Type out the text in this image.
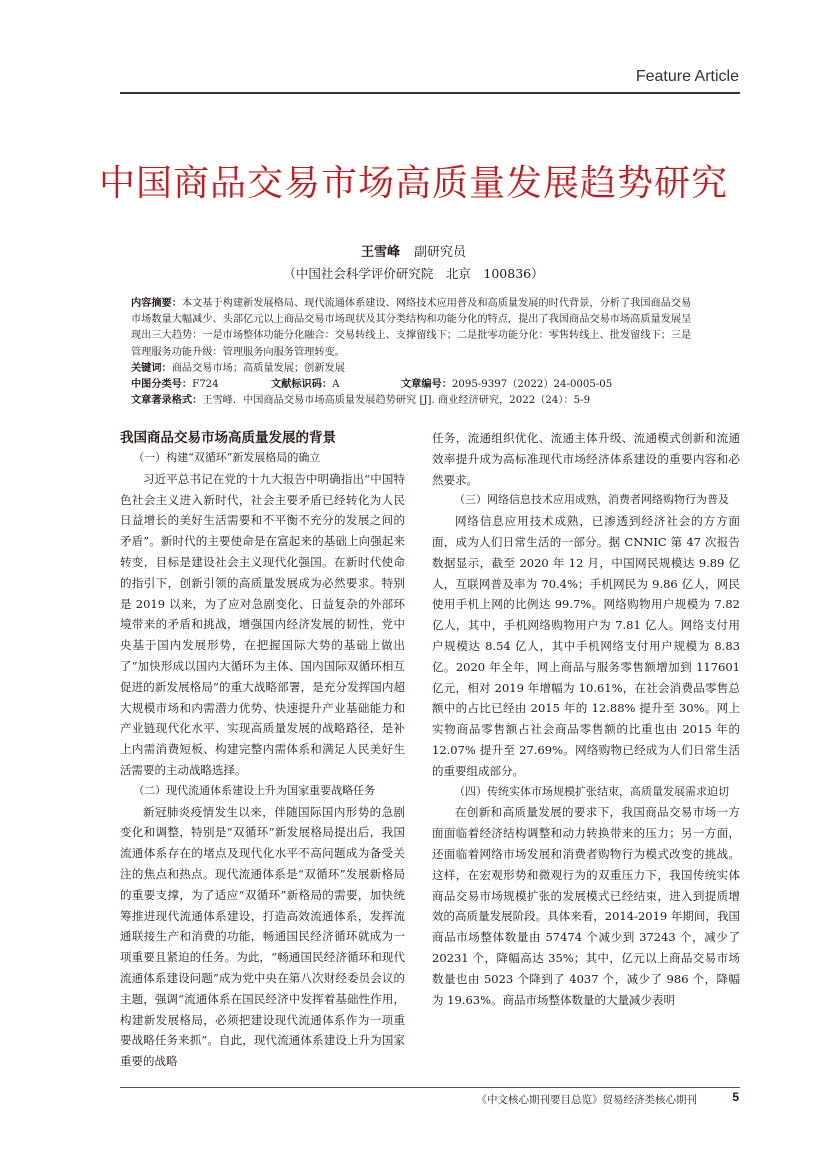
Feature Article
中国商品交易市场高质量发展趋势研究
王雪峰 副研究员
（中国社会科学评价研究院　北京　100836）

内容摘要：本文基于构建新发展格局、现代流通体系建设、网络技术应用普及和高质量发展的时代背景，分析了我国商品交易市场数量大幅减少、头部亿元以上商品交易市场现状及其分类结构和功能分化的特点，提出了我国商品交易市场高质量发展呈现出三大趋势：一是市场整体功能分化融合：交易转线上、支撑留线下；二是批零功能分化：零售转线上、批发留线下；三是管理服务功能升级：管理服务向服务管理转变。

关键词：商品交易市场；高质量发展；创新发展

中图分类号：F724	文献标识码：A	文章编号：2095-9397（2022）24-0005-05

文章著录格式：王雪峰．中国商品交易市场高质量发展趋势研究 [J]. 商业经济研究，2022（24）：5-9

我国商品交易市场高质量发展的背景

（一）构建“双循环”新发展格局的确立

习近平总书记在党的十九大报告中明确指出“中国特色社会主义进入新时代，社会主要矛盾已经转化为人民日益增长的美好生活需要和不平衡不充分的发展之间的矛盾”。新时代的主要使命是在富起来的基础上向强起来转变，目标是建设社会主义现代化强国。在新时代使命的指引下，创新引领的高质量发展成为必然要求。特别是 2019 以来，为了应对急剧变化、日益复杂的外部环境带来的矛盾和挑战，增强国内经济发展的韧性，党中央基于国内发展形势，在把握国际大势的基础上做出了“加快形成以国内大循环为主体、国内国际双循环相互促进的新发展格局”的重大战略部署，是充分发挥国内超大规模市场和内需潜力优势、快速提升产业基础能力和产业链现代化水平、实现高质量发展的战略路径，是补上内需消费短板、构建完整内需体系和满足人民美好生活需要的主动战略选择。

（二）现代流通体系建设上升为国家重要战略任务

新冠肺炎疫情发生以来，伴随国际国内形势的急剧变化和调整，特别是“双循环”新发展格局提出后，我国流通体系存在的堵点及现代化水平不高问题成为备受关注的焦点和热点。现代流通体系是“双循环”发展新格局的重要支撑，为了适应“双循环”新格局的需要，加快统筹推进现代流通体系建设，打造高效流通体系，发挥流通联接生产和消费的功能，畅通国民经济循环就成为一项重要且紧迫的任务。为此，“畅通国民经济循环和现代流通体系建设问题”成为党中央在第八次财经委员会议的主题，强调“流通体系在国民经济中发挥着基础性作用，构建新发展格局，必须把建设现代流通体系作为一项重要战略任务来抓”。自此，现代流通体系建设上升为国家重要的战略

任务，流通组织优化、流通主体升级、流通模式创新和流通效率提升成为高标准现代市场经济体系建设的重要内容和必然要求。

（三）网络信息技术应用成熟，消费者网络购物行为普及

网络信息应用技术成熟，已渗透到经济社会的方方面面，成为人们日常生活的一部分。据 CNNIC 第 47 次报告数据显示，截至 2020 年 12 月，中国网民规模达 9.89 亿人，互联网普及率为 70.4%；手机网民为 9.86 亿人，网民使用手机上网的比例达 99.7%。网络购物用户规模为 7.82 亿人，其中，手机网络购物用户为 7.81 亿人。网络支付用户规模达 8.54 亿人，其中手机网络支付用户规模为 8.83 亿。2020 年全年，网上商品与服务零售额增加到 117601 亿元，相对 2019 年增幅为 10.61%，在社会消费品零售总额中的占比已经由 2015 年的 12.88% 提升至 30%。网上实物商品零售额占社会商品零售额的比重也由 2015 年的 12.07% 提升至 27.69%。网络购物已经成为人们日常生活的重要组成部分。

（四）传统实体市场规模扩张结束，高质量发展需求迫切

在创新和高质量发展的要求下，我国商品交易市场一方面面临着经济结构调整和动力转换带来的压力；另一方面，还面临着网络市场发展和消费者购物行为模式改变的挑战。这样，在宏观形势和微观行为的双重压力下，我国传统实体商品交易市场规模扩张的发展模式已经结束，进入到提质增效的高质量发展阶段。具体来看，2014-2019 年期间，我国商品市场整体数量由 57474 个减少到 37243 个，减少了 20231 个，降幅高达 35%；其中，亿元以上商品交易市场数量也由 5023 个降到了 4037 个，减少了 986 个，降幅为 19.63%。商品市场整体数量的大量减少表明

《中文核心期刊要目总览》贸易经济类核心期刊	5
